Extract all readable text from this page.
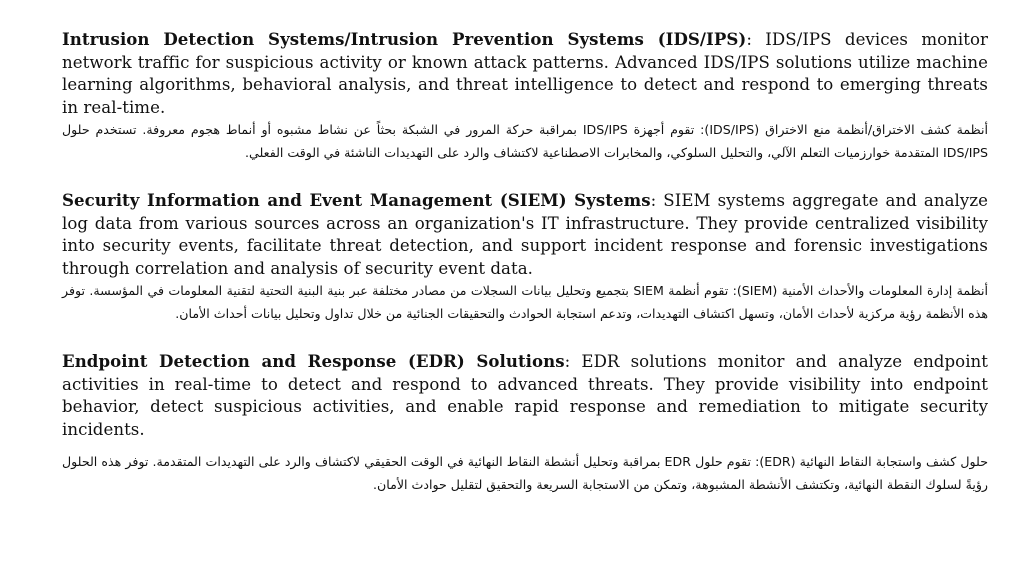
Intrusion Detection Systems/Intrusion Prevention Systems (IDS/IPS): IDS/IPS devices monitor network traffic for suspicious activity or known attack patterns. Advanced IDS/IPS solutions utilize machine learning algorithms, behavioral analysis, and threat intelligence to detect and respond to emerging threats in real-time.

أنظمة كشف الاختراق/أنظمة منع الاختراق (IDS/IPS): تقوم أجهزة IDS/IPS بمراقبة حركة المرور في الشبكة بحثاً عن نشاط مشبوه أو أنماط هجوم معروفة. تستخدم حلول IDS/IPS المتقدمة خوارزميات التعلم الآلي، والتحليل السلوكي، والمخابرات الاصطناعية لاكتشاف والرد على التهديدات الناشئة في الوقت الفعلي.

Security Information and Event Management (SIEM) Systems: SIEM systems aggregate and analyze log data from various sources across an organization's IT infrastructure. They provide centralized visibility into security events, facilitate threat detection, and support incident response and forensic investigations through correlation and analysis of security event data.

أنظمة إدارة المعلومات والأحداث الأمنية (SIEM): تقوم أنظمة SIEM بتجميع وتحليل بيانات السجلات من مصادر مختلفة عبر بنية البنية التحتية لتقنية المعلومات في المؤسسة. توفر هذه الأنظمة رؤية مركزية لأحداث الأمان، وتسهل اكتشاف التهديدات، وتدعم استجابة الحوادث والتحقيقات الجنائية من خلال تداول وتحليل بيانات أحداث الأمان.

Endpoint Detection and Response (EDR) Solutions: EDR solutions monitor and analyze endpoint activities in real-time to detect and respond to advanced threats. They provide visibility into endpoint behavior, detect suspicious activities, and enable rapid response and remediation to mitigate security incidents.

حلول كشف واستجابة النقاط النهائية (EDR): تقوم حلول EDR بمراقبة وتحليل أنشطة النقاط النهائية في الوقت الحقيقي لاكتشاف والرد على التهديدات المتقدمة. توفر هذه الحلول رؤيةً لسلوك النقطة النهائية، وتكتشف الأنشطة المشبوهة، وتمكن من الاستجابة السريعة والتحقيق لتقليل حوادث الأمان.
